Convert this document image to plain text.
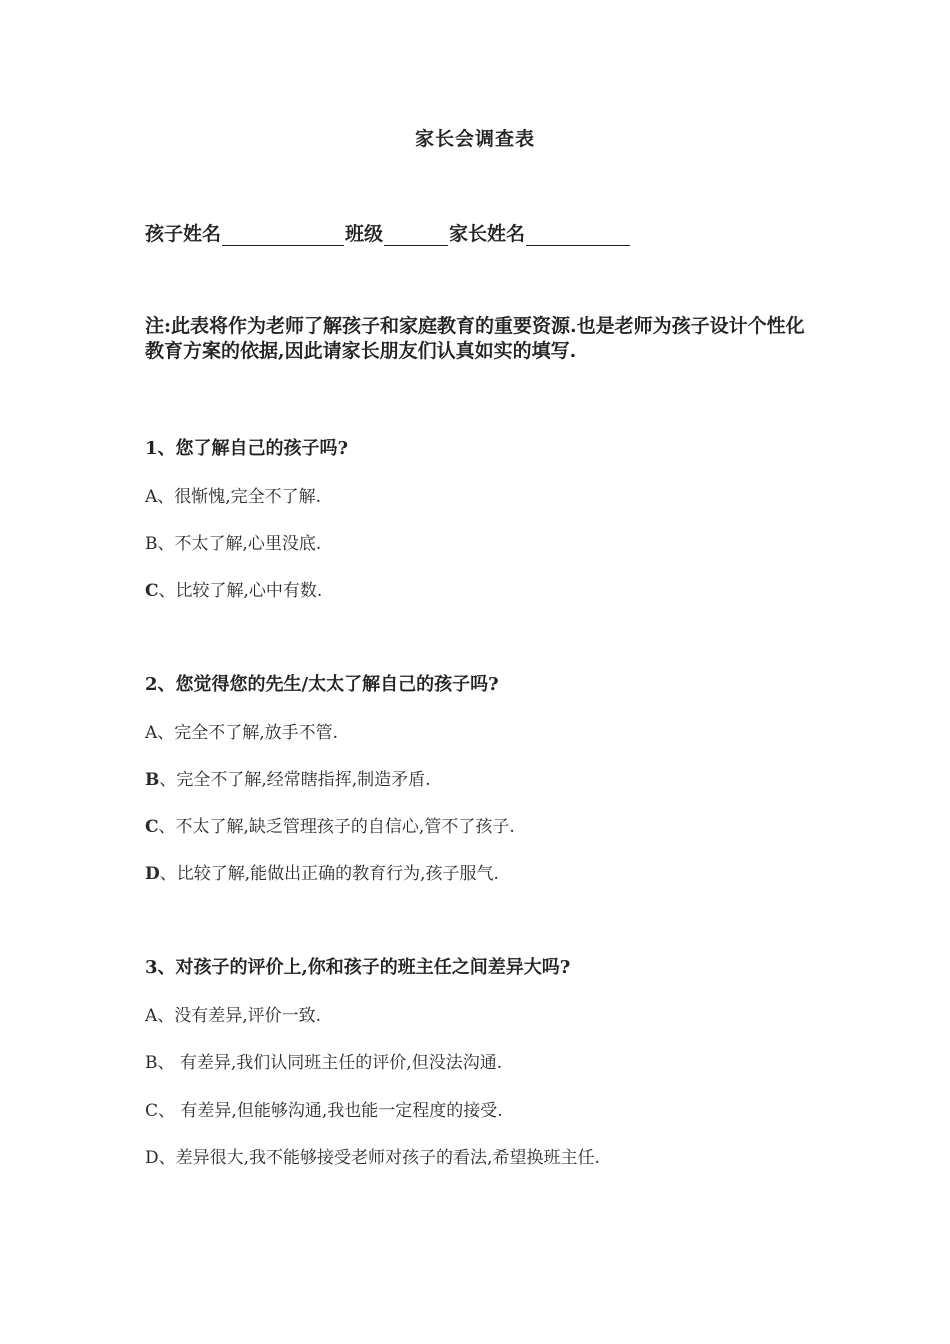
家长会调查表
孩子姓名	班级	家长姓名
注:此表将作为老师了解孩子和家庭教育的重要资源.也是老师为孩子设计个性化教育方案的依据,因此请家长朋友们认真如实的填写.
1、您了解自己的孩子吗?
A、很惭愧,完全不了解.
B、不太了解,心里没底.
C、比较了解,心中有数.
2、您觉得您的先生/太太了解自己的孩子吗?
A、完全不了解,放手不管.
B、完全不了解,经常瞎指挥,制造矛盾.
C、不太了解,缺乏管理孩子的自信心,管不了孩子.
D、比较了解,能做出正确的教育行为,孩子服气.
3、对孩子的评价上,你和孩子的班主任之间差异大吗?
A、没有差异,评价一致.
B、 有差异,我们认同班主任的评价,但没法沟通.
C、 有差异,但能够沟通,我也能一定程度的接受.
D、差异很大,我不能够接受老师对孩子的看法,希望换班主任.
